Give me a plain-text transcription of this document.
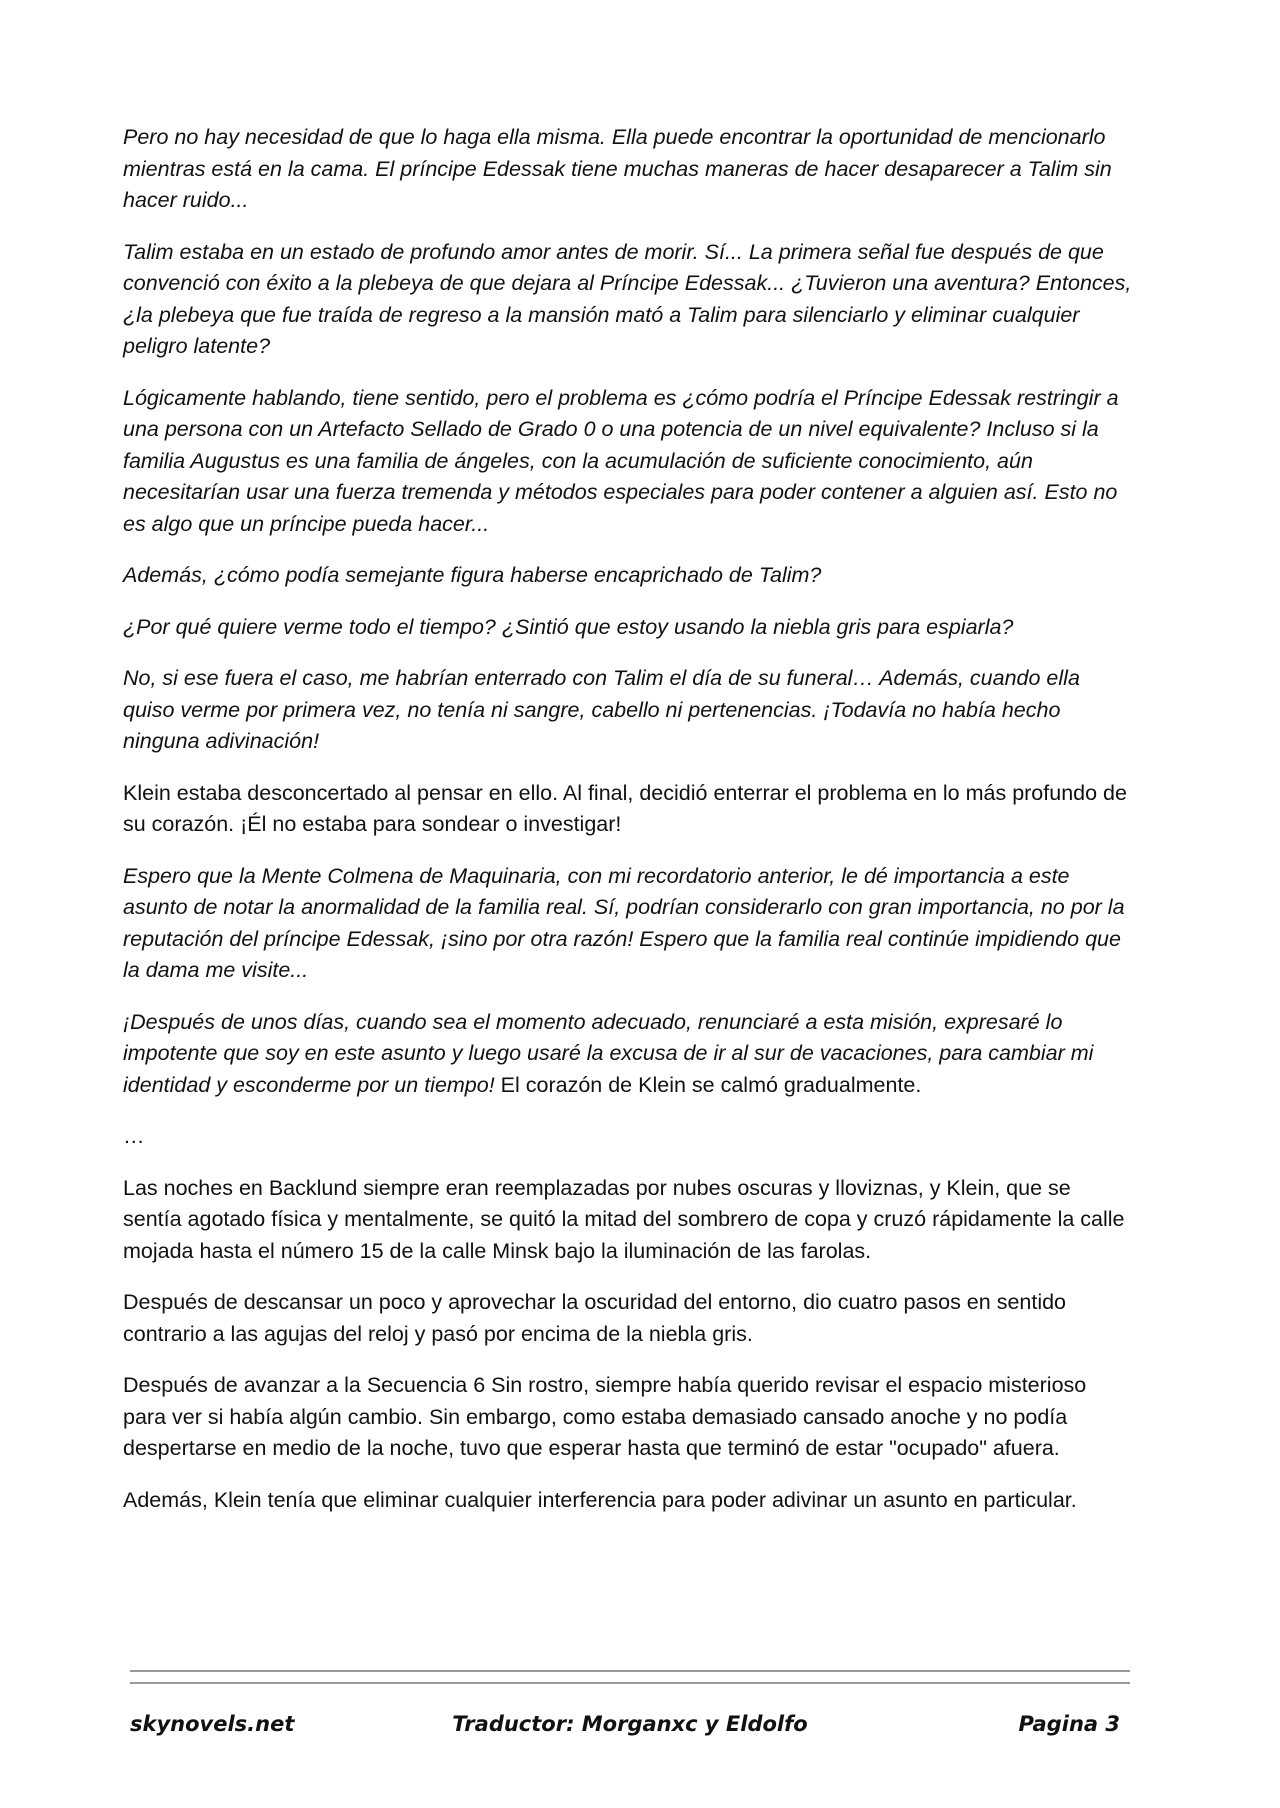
Pero no hay necesidad de que lo haga ella misma. Ella puede encontrar la oportunidad de mencionarlo mientras está en la cama. El príncipe Edessak tiene muchas maneras de hacer desaparecer a Talim sin hacer ruido...

Talim estaba en un estado de profundo amor antes de morir. Sí... La primera señal fue después de que convenció con éxito a la plebeya de que dejara al Príncipe Edessak... ¿Tuvieron una aventura? Entonces, ¿la plebeya que fue traída de regreso a la mansión mató a Talim para silenciarlo y eliminar cualquier peligro latente?

Lógicamente hablando, tiene sentido, pero el problema es ¿cómo podría el Príncipe Edessak restringir a una persona con un Artefacto Sellado de Grado 0 o una potencia de un nivel equivalente? Incluso si la familia Augustus es una familia de ángeles, con la acumulación de suficiente conocimiento, aún necesitarían usar una fuerza tremenda y métodos especiales para poder contener a alguien así. Esto no es algo que un príncipe pueda hacer...

Además, ¿cómo podía semejante figura haberse encaprichado de Talim?

¿Por qué quiere verme todo el tiempo? ¿Sintió que estoy usando la niebla gris para espiarla?

No, si ese fuera el caso, me habrían enterrado con Talim el día de su funeral… Además, cuando ella quiso verme por primera vez, no tenía ni sangre, cabello ni pertenencias. ¡Todavía no había hecho ninguna adivinación!

Klein estaba desconcertado al pensar en ello. Al final, decidió enterrar el problema en lo más profundo de su corazón. ¡Él no estaba para sondear o investigar!

Espero que la Mente Colmena de Maquinaria, con mi recordatorio anterior, le dé importancia a este asunto de notar la anormalidad de la familia real. Sí, podrían considerarlo con gran importancia, no por la reputación del príncipe Edessak, ¡sino por otra razón! Espero que la familia real continúe impidiendo que la dama me visite...

¡Después de unos días, cuando sea el momento adecuado, renunciaré a esta misión, expresaré lo impotente que soy en este asunto y luego usaré la excusa de ir al sur de vacaciones, para cambiar mi identidad y esconderme por un tiempo! El corazón de Klein se calmó gradualmente.

…

Las noches en Backlund siempre eran reemplazadas por nubes oscuras y lloviznas, y Klein, que se sentía agotado física y mentalmente, se quitó la mitad del sombrero de copa y cruzó rápidamente la calle mojada hasta el número 15 de la calle Minsk bajo la iluminación de las farolas.

Después de descansar un poco y aprovechar la oscuridad del entorno, dio cuatro pasos en sentido contrario a las agujas del reloj y pasó por encima de la niebla gris.

Después de avanzar a la Secuencia 6 Sin rostro, siempre había querido revisar el espacio misterioso para ver si había algún cambio. Sin embargo, como estaba demasiado cansado anoche y no podía despertarse en medio de la noche, tuvo que esperar hasta que terminó de estar "ocupado" afuera.

Además, Klein tenía que eliminar cualquier interferencia para poder adivinar un asunto en particular.

skynovels.net	Traductor: Morganxc y Eldolfo	Pagina 3
